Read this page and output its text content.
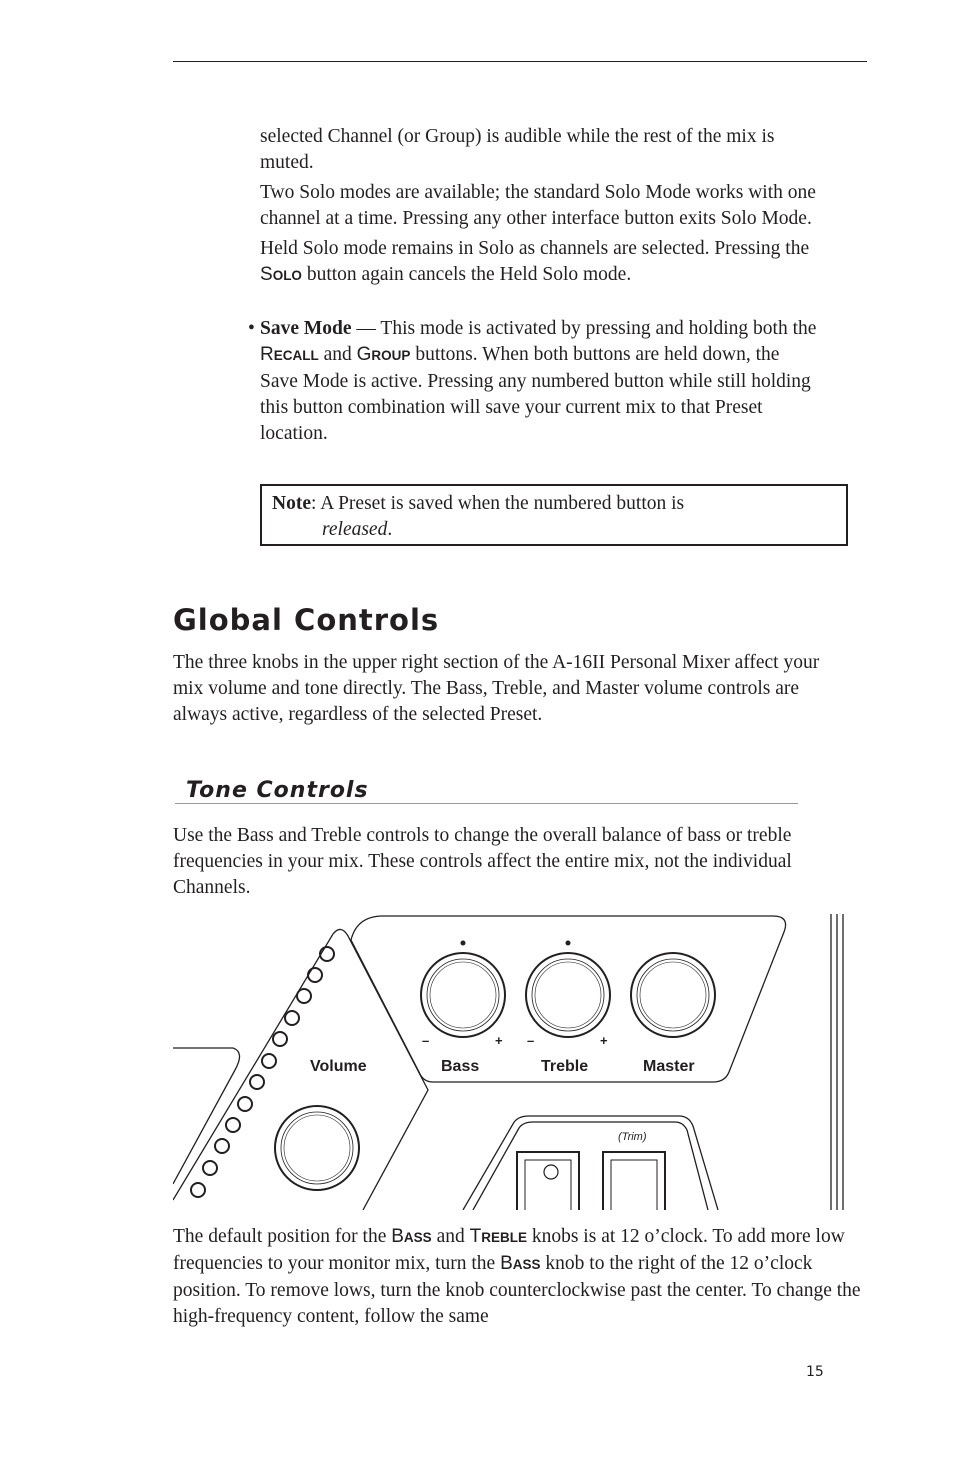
selected Channel (or Group) is audible while the rest of the mix is muted.

Two Solo modes are available; the standard Solo Mode works with one channel at a time. Pressing any other interface button exits Solo Mode.

Held Solo mode remains in Solo as channels are selected. Pressing the SOLO button again cancels the Held Solo mode.

• Save Mode — This mode is activated by pressing and holding both the RECALL and GROUP buttons. When both buttons are held down, the Save Mode is active. Pressing any numbered button while still holding this button combination will save your current mix to that Preset location.

Note: A Preset is saved when the numbered button is
released.
Global Controls

The three knobs in the upper right section of the A-16II Personal Mixer affect your mix volume and tone directly. The Bass, Treble, and Master volume controls are always active, regardless of the selected Preset.

Tone Controls

Use the Bass and Treble controls to change the overall balance of bass or treble frequencies in your mix. These controls affect the entire mix, not the individual Channels.

–	+ –	+
Volume	Bass	Treble	Master
(Trim)

The default position for the BASS and TREBLE knobs is at 12 o’clock. To add more low frequencies to your monitor mix, turn the BASS knob to the right of the 12 o’clock position. To remove lows, turn the knob counterclockwise past the center. To change the high-frequency content, follow the same

15
